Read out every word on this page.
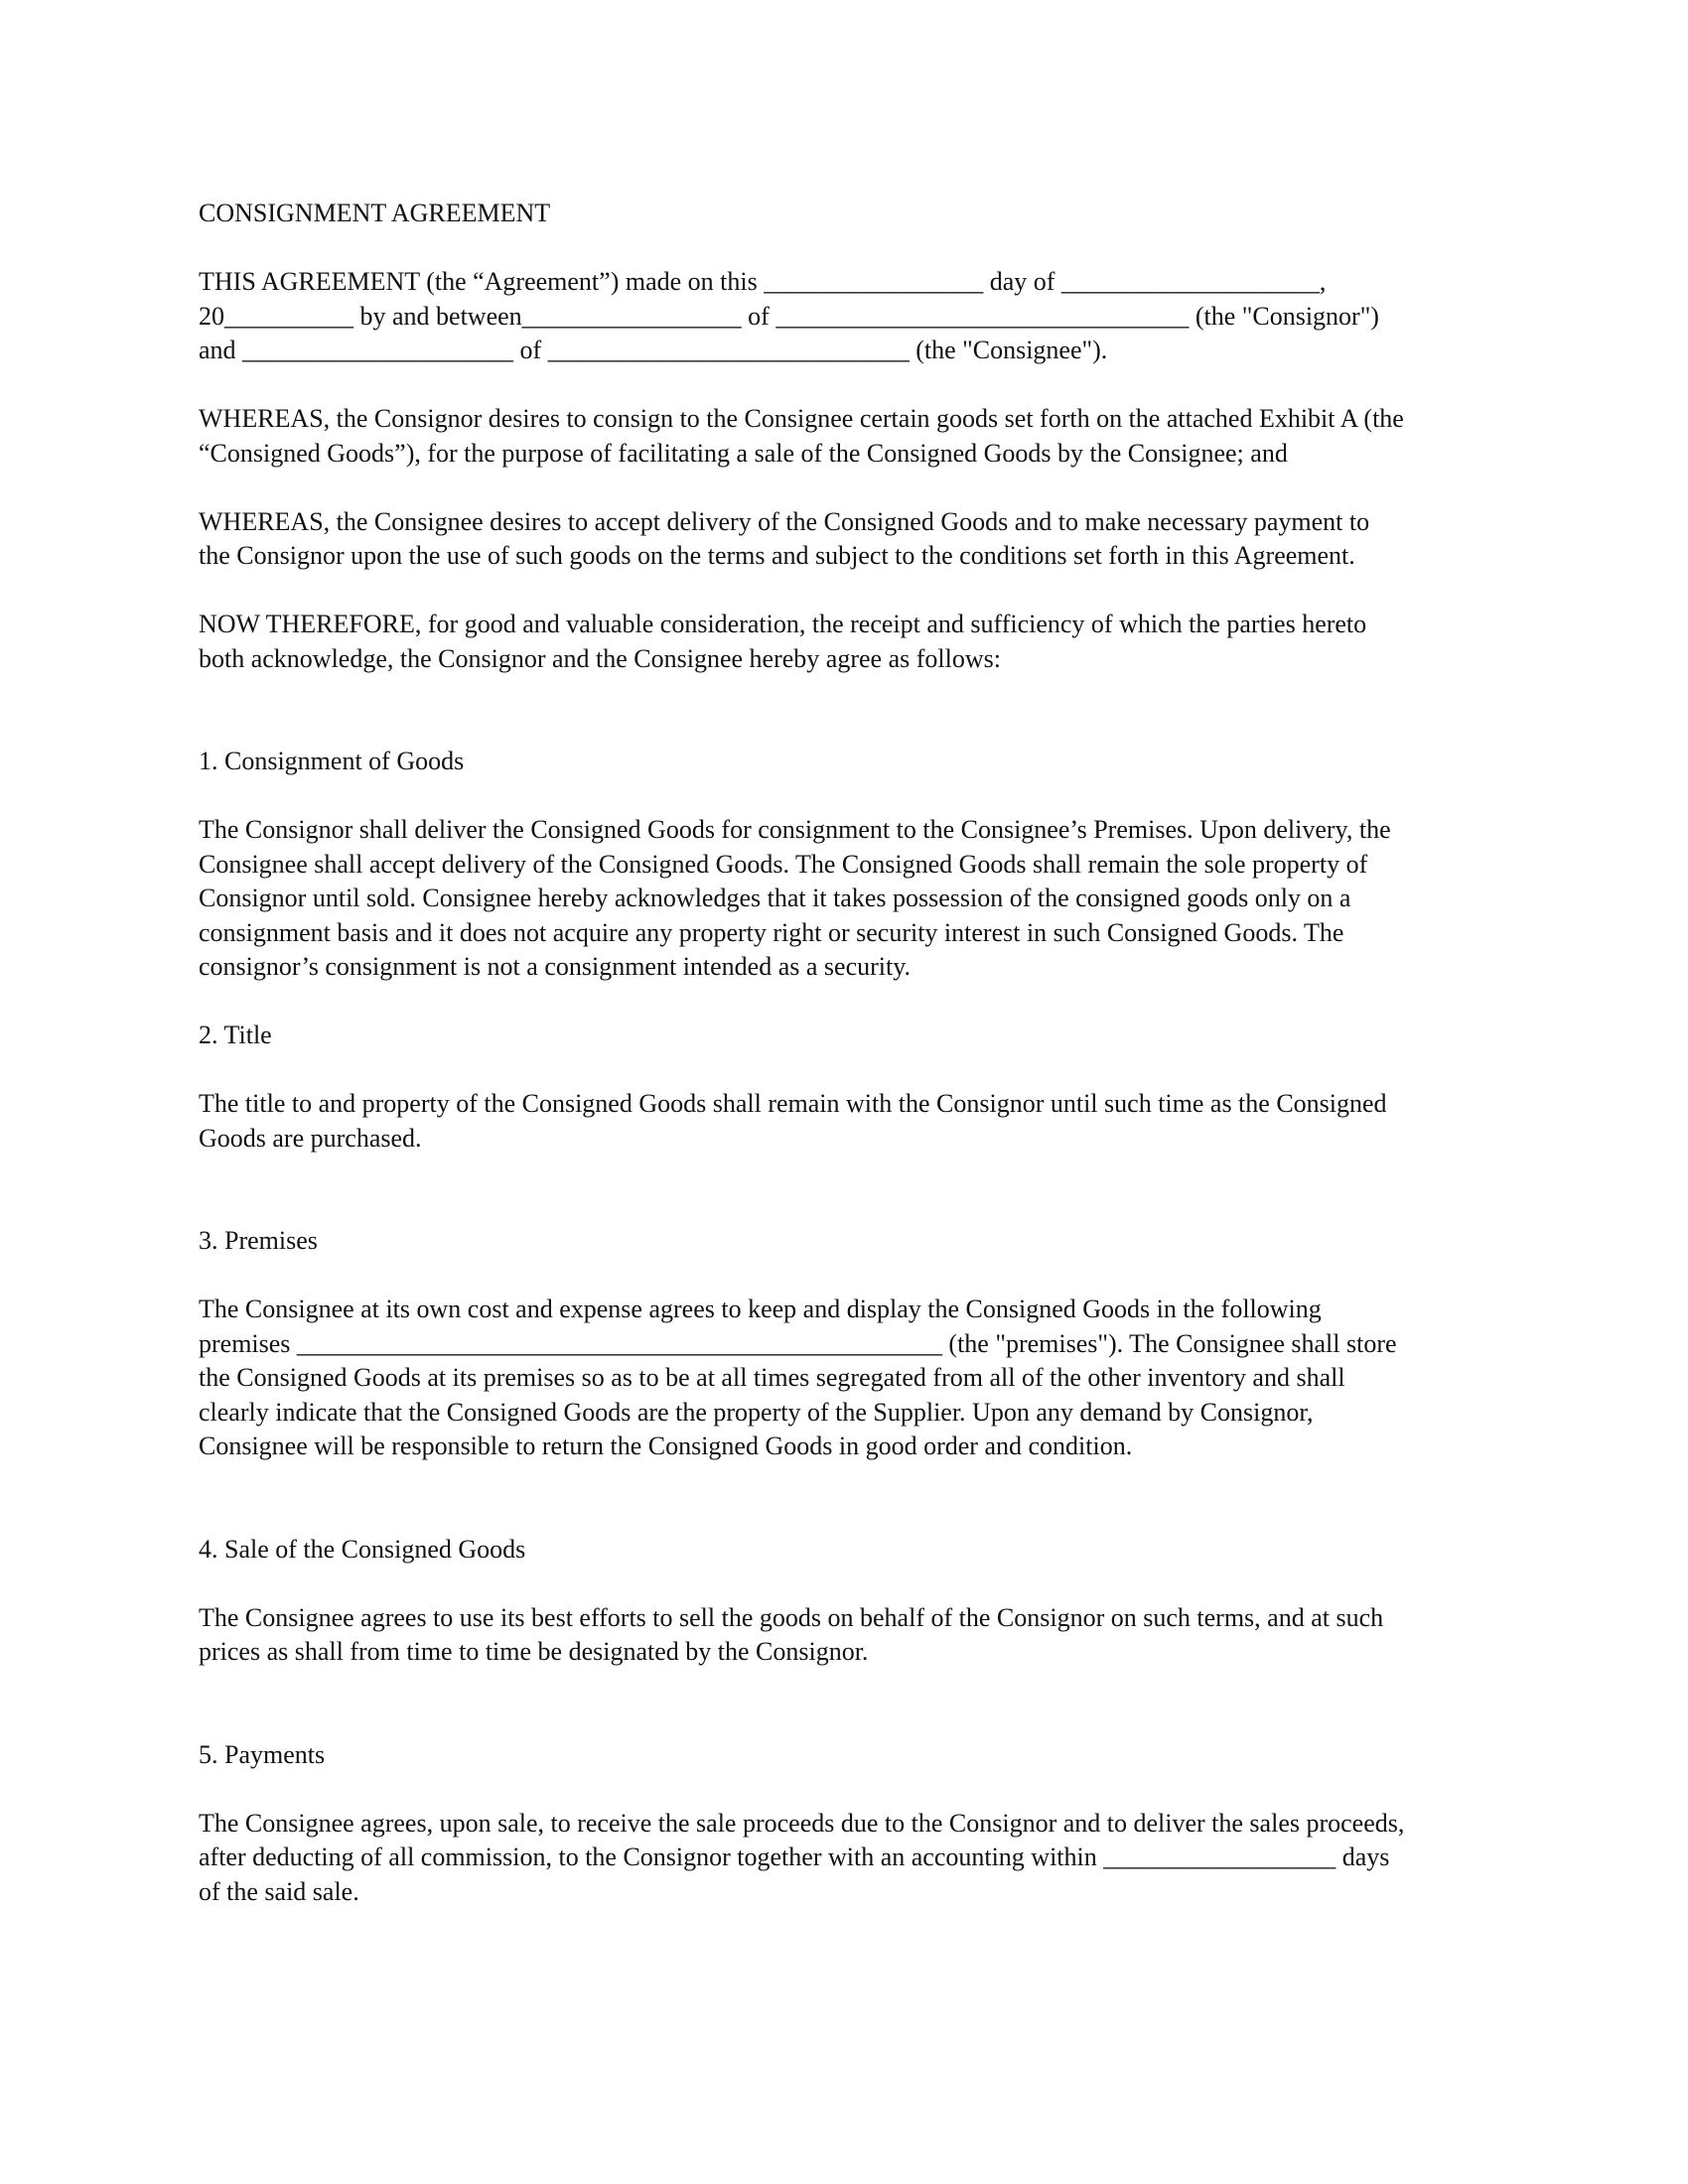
CONSIGNMENT AGREEMENT

THIS AGREEMENT (the “Agreement”) made on this _________________ day of ____________________,
20__________ by and between_________________ of ________________________________ (the "Consignor")
and _____________________ of ____________________________ (the "Consignee").

WHEREAS, the Consignor desires to consign to the Consignee certain goods set forth on the attached Exhibit A (the
“Consigned Goods”), for the purpose of facilitating a sale of the Consigned Goods by the Consignee; and

WHEREAS, the Consignee desires to accept delivery of the Consigned Goods and to make necessary payment to
the Consignor upon the use of such goods on the terms and subject to the conditions set forth in this Agreement.

NOW THEREFORE, for good and valuable consideration, the receipt and sufficiency of which the parties hereto
both acknowledge, the Consignor and the Consignee hereby agree as follows:

1. Consignment of Goods

The Consignor shall deliver the Consigned Goods for consignment to the Consignee’s Premises. Upon delivery, the
Consignee shall accept delivery of the Consigned Goods. The Consigned Goods shall remain the sole property of
Consignor until sold. Consignee hereby acknowledges that it takes possession of the consigned goods only on a
consignment basis and it does not acquire any property right or security interest in such Consigned Goods. The
consignor’s consignment is not a consignment intended as a security.

2. Title

The title to and property of the Consigned Goods shall remain with the Consignor until such time as the Consigned
Goods are purchased.

3. Premises

The Consignee at its own cost and expense agrees to keep and display the Consigned Goods in the following
premises __________________________________________________ (the "premises"). The Consignee shall store
the Consigned Goods at its premises so as to be at all times segregated from all of the other inventory and shall
clearly indicate that the Consigned Goods are the property of the Supplier. Upon any demand by Consignor,
Consignee will be responsible to return the Consigned Goods in good order and condition.

4. Sale of the Consigned Goods

The Consignee agrees to use its best efforts to sell the goods on behalf of the Consignor on such terms, and at such
prices as shall from time to time be designated by the Consignor.

5. Payments

The Consignee agrees, upon sale, to receive the sale proceeds due to the Consignor and to deliver the sales proceeds,
after deducting of all commission, to the Consignor together with an accounting within __________________ days
of the said sale.
